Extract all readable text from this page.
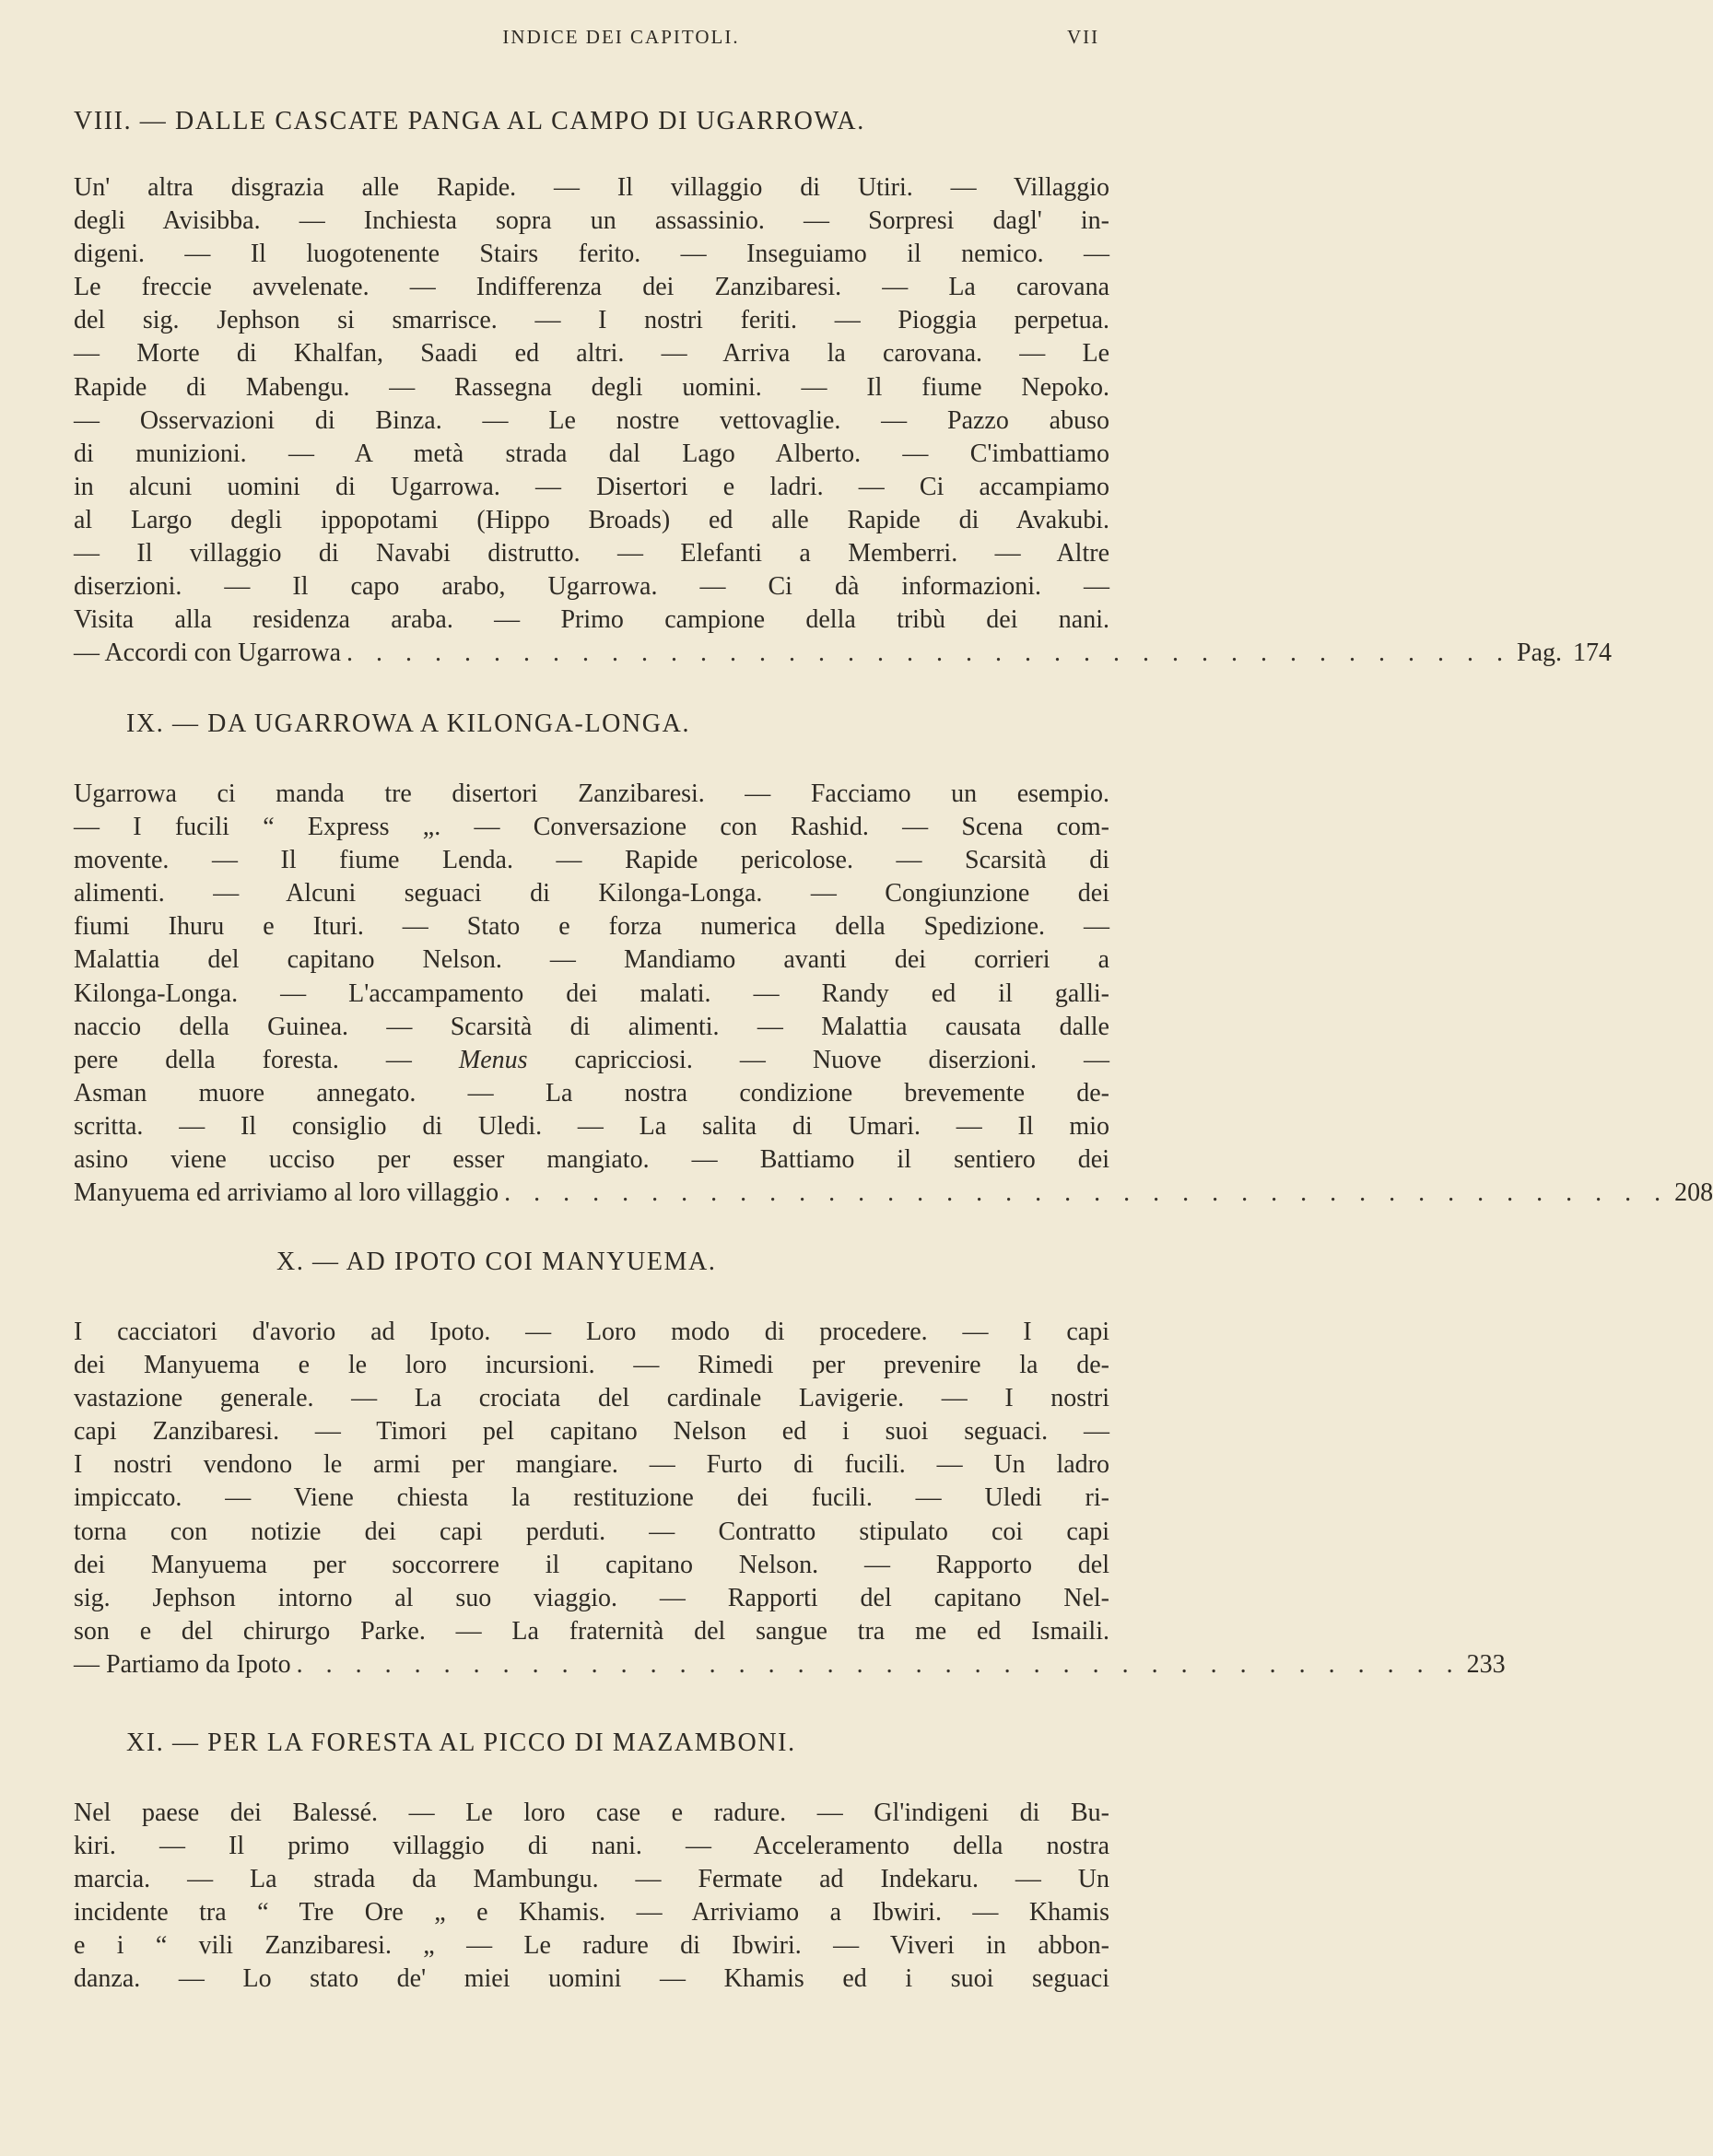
INDICE DEI CAPITOLI.	VII
VIII. — DALLE CASCATE PANGA AL CAMPO DI UGARROWA.
Un' altra disgrazia alle Rapide. — Il villaggio di Utiri. — Villaggio
degli Avisibba. — Inchiesta sopra un assassinio. — Sorpresi dagl' in-
digeni. — Il luogotenente Stairs ferito. — Inseguiamo il nemico. —
Le freccie avvelenate. — Indifferenza dei Zanzibaresi. — La carovana
del sig. Jephson si smarrisce. — I nostri feriti. — Pioggia perpetua.
— Morte di Khalfan, Saadi ed altri. — Arriva la carovana. — Le
Rapide di Mabengu. — Rassegna degli uomini. — Il fiume Nepoko.
— Osservazioni di Binza. — Le nostre vettovaglie. — Pazzo abuso
di munizioni. — A metà strada dal Lago Alberto. — C'imbattiamo
in alcuni uomini di Ugarrowa. — Disertori e ladri. — Ci accampiamo
al Largo degli ippopotami (Hippo Broads) ed alle Rapide di Avakubi.
— Il villaggio di Navabi distrutto. — Elefanti a Memberri. — Altre
diserzioni. — Il capo arabo, Ugarrowa. — Ci dà informazioni. —
Visita alla residenza araba. — Primo campione della tribù dei nani.
— Accordi con Ugarrowa . . . . . . . . . . . . . . . . . . . . . . . . . . . . . . . . . . . . . . . . Pag. 174
IX. — DA UGARROWA A KILONGA-LONGA.
Ugarrowa ci manda tre disertori Zanzibaresi. — Facciamo un esempio.
— I fucili “ Express „. — Conversazione con Rashid. — Scena com-
movente. — Il fiume Lenda. — Rapide pericolose. — Scarsità di
alimenti. — Alcuni seguaci di Kilonga-Longa. — Congiunzione dei
fiumi Ihuru e Ituri. — Stato e forza numerica della Spedizione. —
Malattia del capitano Nelson. — Mandiamo avanti dei corrieri a
Kilonga-Longa. — L'accampamento dei malati. — Randy ed il galli-
naccio della Guinea. — Scarsità di alimenti. — Malattia causata dalle
pere della foresta. — Menus capricciosi. — Nuove diserzioni. —
Asman muore annegato. — La nostra condizione brevemente de-
scritta. — Il consiglio di Uledi. — La salita di Umari. — Il mio
asino viene ucciso per esser mangiato. — Battiamo il sentiero dei
Manyuema ed arriviamo al loro villaggio . . . . . . . . . . . . . . . . . . . . . . . . . . . . . . . . . . . . . . . . 208
X. — AD IPOTO COI MANYUEMA.
I cacciatori d'avorio ad Ipoto. — Loro modo di procedere. — I capi
dei Manyuema e le loro incursioni. — Rimedi per prevenire la de-
vastazione generale. — La crociata del cardinale Lavigerie. — I nostri
capi Zanzibaresi. — Timori pel capitano Nelson ed i suoi seguaci. —
I nostri vendono le armi per mangiare. — Furto di fucili. — Un ladro
impiccato. — Viene chiesta la restituzione dei fucili. — Uledi ri-
torna con notizie dei capi perduti. — Contratto stipulato coi capi
dei Manyuema per soccorrere il capitano Nelson. — Rapporto del
sig. Jephson intorno al suo viaggio. — Rapporti del capitano Nel-
son e del chirurgo Parke. — La fraternità del sangue tra me ed Ismaili.
— Partiamo da Ipoto . . . . . . . . . . . . . . . . . . . . . . . . . . . . . . . . . . . . . . . . 233
XI. — PER LA FORESTA AL PICCO DI MAZAMBONI.
Nel paese dei Balessé. — Le loro case e radure. — Gl'indigeni di Bu-
kiri. — Il primo villaggio di nani. — Acceleramento della nostra
marcia. — La strada da Mambungu. — Fermate ad Indekaru. — Un
incidente tra “ Tre Ore „ e Khamis. — Arriviamo a Ibwiri. — Khamis
e i “ vili Zanzibaresi. „ — Le radure di Ibwiri. — Viveri in abbon-
danza. — Lo stato de' miei uomini — Khamis ed i suoi seguaci
